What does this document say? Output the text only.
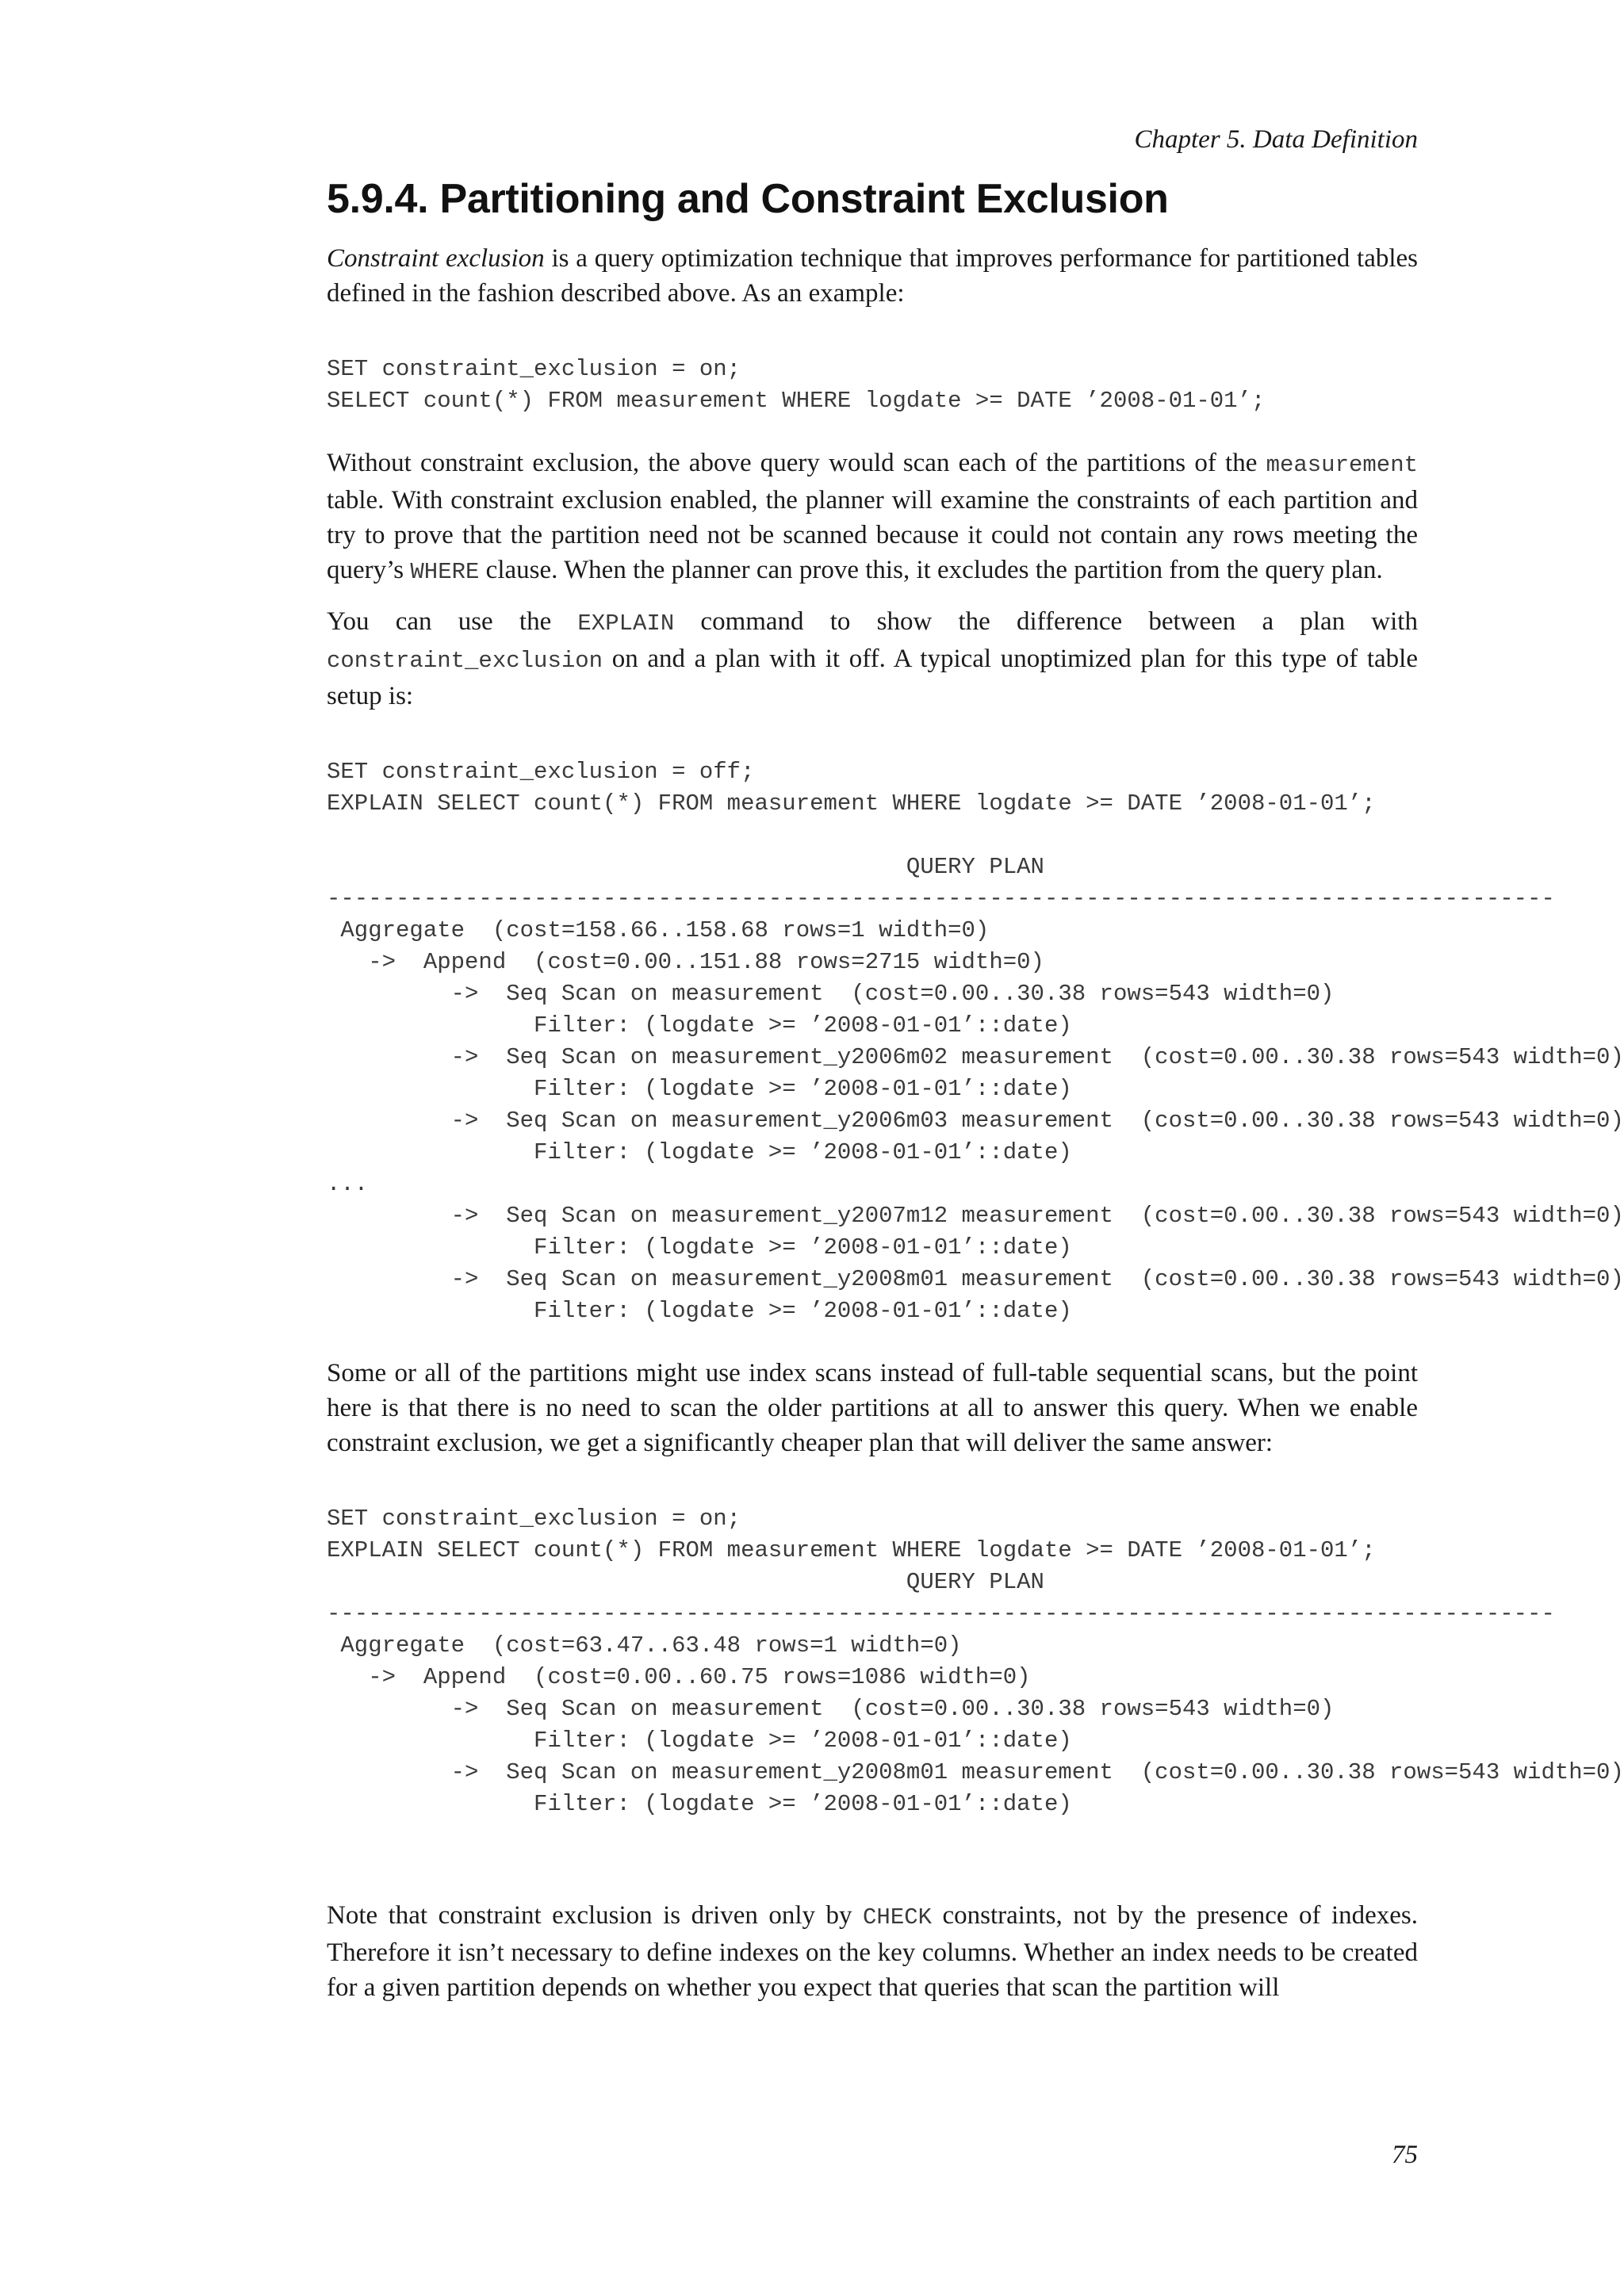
Chapter 5. Data Definition
5.9.4. Partitioning and Constraint Exclusion

Constraint exclusion is a query optimization technique that improves performance for partitioned tables defined in the fashion described above. As an example:

SET constraint_exclusion = on;
SELECT count(*) FROM measurement WHERE logdate >= DATE ’2008-01-01’;

Without constraint exclusion, the above query would scan each of the partitions of the measurement table. With constraint exclusion enabled, the planner will examine the constraints of each partition and try to prove that the partition need not be scanned because it could not contain any rows meeting the query’s WHERE clause. When the planner can prove this, it excludes the partition from the query plan.

You can use the EXPLAIN command to show the difference between a plan with constraint_exclusion on and a plan with it off. A typical unoptimized plan for this type of table setup is:

SET constraint_exclusion = off;
EXPLAIN SELECT count(*) FROM measurement WHERE logdate >= DATE ’2008-01-01’;

QUERY PLAN
-----------------------------------------------------------------------------------------
Aggregate  (cost=158.66..158.68 rows=1 width=0)
->  Append  (cost=0.00..151.88 rows=2715 width=0)
->  Seq Scan on measurement  (cost=0.00..30.38 rows=543 width=0)
Filter: (logdate >= ’2008-01-01’::date)
->  Seq Scan on measurement_y2006m02 measurement  (cost=0.00..30.38 rows=543 width=0)
Filter: (logdate >= ’2008-01-01’::date)
->  Seq Scan on measurement_y2006m03 measurement  (cost=0.00..30.38 rows=543 width=0)
Filter: (logdate >= ’2008-01-01’::date)
...
->  Seq Scan on measurement_y2007m12 measurement  (cost=0.00..30.38 rows=543 width=0)
Filter: (logdate >= ’2008-01-01’::date)
->  Seq Scan on measurement_y2008m01 measurement  (cost=0.00..30.38 rows=543 width=0)
Filter: (logdate >= ’2008-01-01’::date)

Some or all of the partitions might use index scans instead of full-table sequential scans, but the point here is that there is no need to scan the older partitions at all to answer this query. When we enable constraint exclusion, we get a significantly cheaper plan that will deliver the same answer:

SET constraint_exclusion = on;
EXPLAIN SELECT count(*) FROM measurement WHERE logdate >= DATE ’2008-01-01’;
QUERY PLAN
-----------------------------------------------------------------------------------------
Aggregate  (cost=63.47..63.48 rows=1 width=0)
->  Append  (cost=0.00..60.75 rows=1086 width=0)
->  Seq Scan on measurement  (cost=0.00..30.38 rows=543 width=0)
Filter: (logdate >= ’2008-01-01’::date)
->  Seq Scan on measurement_y2008m01 measurement  (cost=0.00..30.38 rows=543 width=0)
Filter: (logdate >= ’2008-01-01’::date)

Note that constraint exclusion is driven only by CHECK constraints, not by the presence of indexes. Therefore it isn’t necessary to define indexes on the key columns. Whether an index needs to be created for a given partition depends on whether you expect that queries that scan the partition will

75
